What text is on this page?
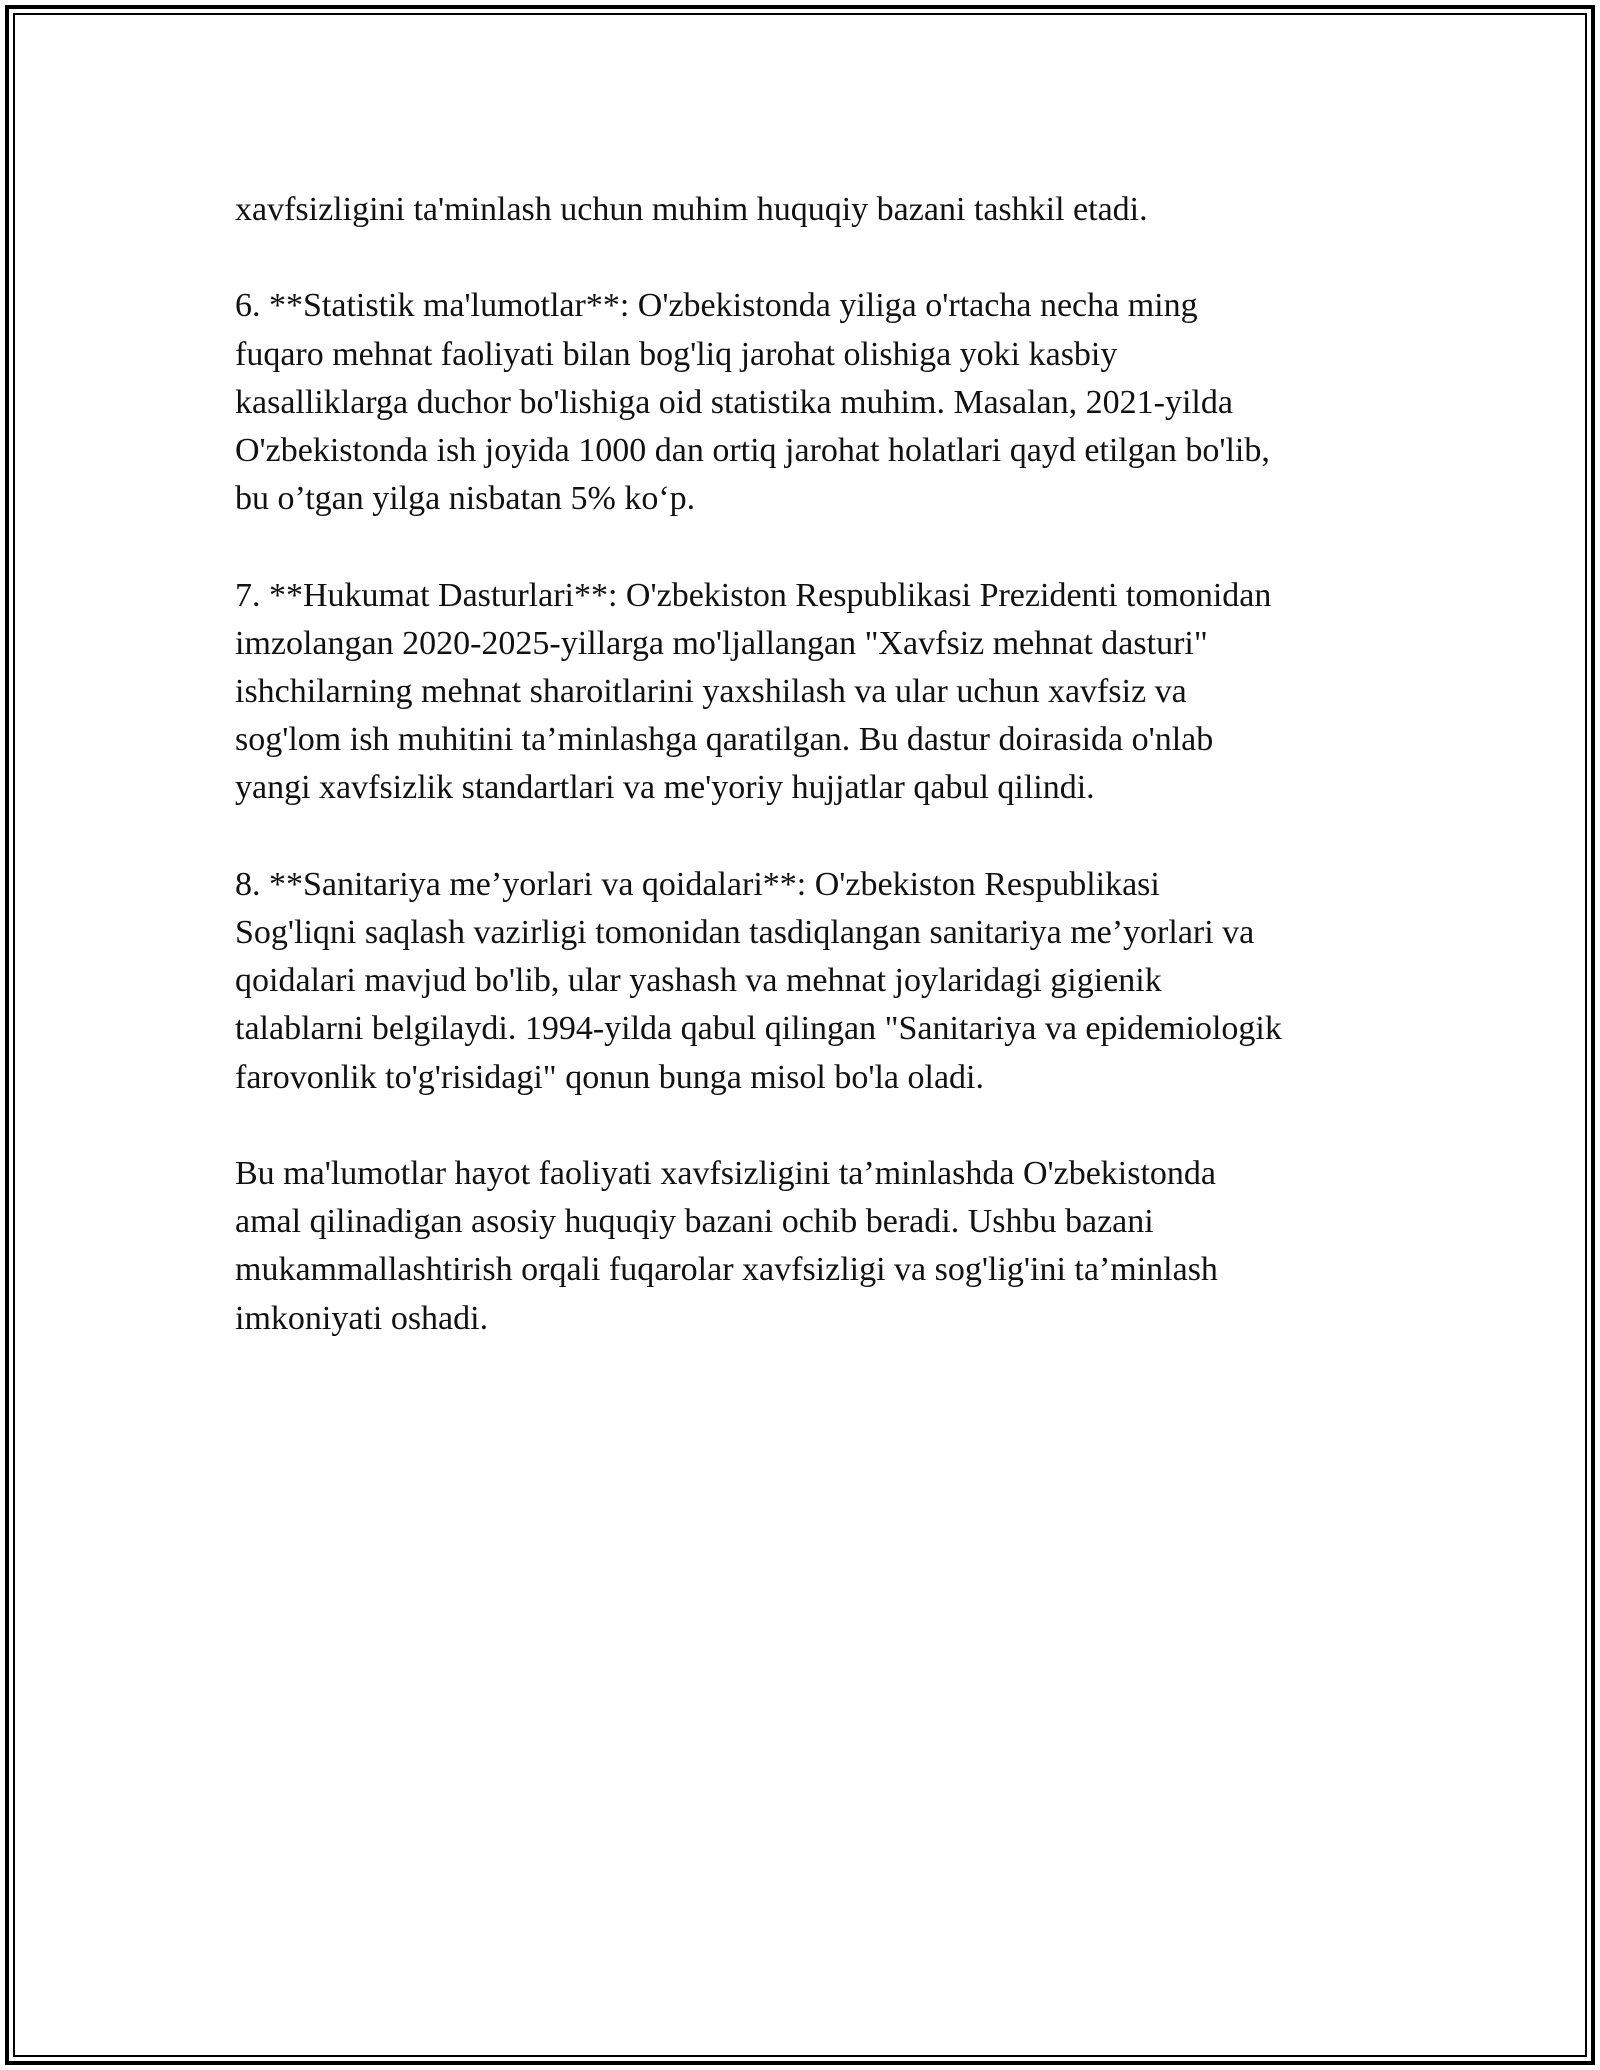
xavfsizligini ta'minlash uchun muhim huquqiy bazani tashkil etadi.

6. **Statistik ma'lumotlar**: O'zbekistonda yiliga o'rtacha necha ming
fuqaro mehnat faoliyati bilan bog'liq jarohat olishiga yoki kasbiy
kasalliklarga duchor bo'lishiga oid statistika muhim. Masalan, 2021-yilda
O'zbekistonda ish joyida 1000 dan ortiq jarohat holatlari qayd etilgan bo'lib,
bu o’tgan yilga nisbatan 5% ko‘p.

7. **Hukumat Dasturlari**: O'zbekiston Respublikasi Prezidenti tomonidan
imzolangan 2020-2025-yillarga mo'ljallangan "Xavfsiz mehnat dasturi"
ishchilarning mehnat sharoitlarini yaxshilash va ular uchun xavfsiz va
sog'lom ish muhitini ta’minlashga qaratilgan. Bu dastur doirasida o'nlab
yangi xavfsizlik standartlari va me'yoriy hujjatlar qabul qilindi.

8. **Sanitariya me’yorlari va qoidalari**: O'zbekiston Respublikasi
Sog'liqni saqlash vazirligi tomonidan tasdiqlangan sanitariya me’yorlari va
qoidalari mavjud bo'lib, ular yashash va mehnat joylaridagi gigienik
talablarni belgilaydi. 1994-yilda qabul qilingan "Sanitariya va epidemiologik
farovonlik to'g'risidagi" qonun bunga misol bo'la oladi.

Bu ma'lumotlar hayot faoliyati xavfsizligini ta’minlashda O'zbekistonda
amal qilinadigan asosiy huquqiy bazani ochib beradi. Ushbu bazani
mukammallashtirish orqali fuqarolar xavfsizligi va sog'lig'ini ta’minlash
imkoniyati oshadi.
